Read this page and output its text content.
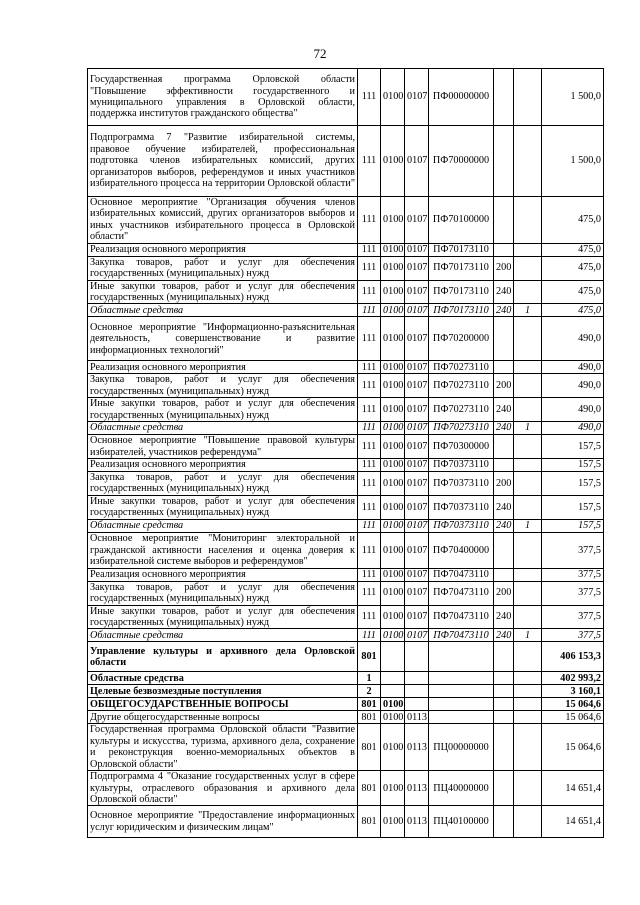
72
Государственная программа Орловской области "Повышение эффективности государственного и муниципального управления в Орловской области, поддержка институтов гражданского общества"	111	0100	0107	ПФ00000000			1 500,0
Подпрограмма 7 "Развитие избирательной системы, правовое обучение избирателей, профессиональная подготовка членов избирательных комиссий, других организаторов выборов, референдумов и иных участников избирательного процесса на территории Орловской области"	111	0100	0107	ПФ70000000			1 500,0
Основное мероприятие "Организация обучения членов избирательных комиссий, других организаторов выборов и иных участников избирательного процесса в Орловской области"	111	0100	0107	ПФ70100000			475,0
Реализация основного мероприятия	111	0100	0107	ПФ70173110			475,0
Закупка товаров, работ и услуг для обеспечения государственных (муниципальных) нужд	111	0100	0107	ПФ70173110	200		475,0
Иные закупки товаров, работ и услуг для обеспечения государственных (муниципальных) нужд	111	0100	0107	ПФ70173110	240		475,0
Областные средства	111	0100	0107	ПФ70173110	240	1	475,0
Основное мероприятие "Информационно-разъяснительная деятельность, совершенствование и развитие информационных технологий"	111	0100	0107	ПФ70200000			490,0
Реализация основного мероприятия	111	0100	0107	ПФ70273110			490,0
Закупка товаров, работ и услуг для обеспечения государственных (муниципальных) нужд	111	0100	0107	ПФ70273110	200		490,0
Иные закупки товаров, работ и услуг для обеспечения государственных (муниципальных) нужд	111	0100	0107	ПФ70273110	240		490,0
Областные средства	111	0100	0107	ПФ70273110	240	1	490,0
Основное мероприятие "Повышение правовой культуры избирателей, участников референдума"	111	0100	0107	ПФ70300000			157,5
Реализация основного мероприятия	111	0100	0107	ПФ70373110			157,5
Закупка товаров, работ и услуг для обеспечения государственных (муниципальных) нужд	111	0100	0107	ПФ70373110	200		157,5
Иные закупки товаров, работ и услуг для обеспечения государственных (муниципальных) нужд	111	0100	0107	ПФ70373110	240		157,5
Областные средства	111	0100	0107	ПФ70373110	240	1	157,5
Основное мероприятие "Мониторинг электоральной и гражданской активности населения и оценка доверия к избирательной системе выборов и референдумов"	111	0100	0107	ПФ70400000			377,5
Реализация основного мероприятия	111	0100	0107	ПФ70473110			377,5
Закупка товаров, работ и услуг для обеспечения государственных (муниципальных) нужд	111	0100	0107	ПФ70473110	200		377,5
Иные закупки товаров, работ и услуг для обеспечения государственных (муниципальных) нужд	111	0100	0107	ПФ70473110	240		377,5
Областные средства	111	0100	0107	ПФ70473110	240	1	377,5
Управление культуры и архивного дела Орловской области	801						406 153,3
Областные средства	1						402 993,2
Целевые безвозмездные поступления	2						3 160,1
ОБЩЕГОСУДАРСТВЕННЫЕ ВОПРОСЫ	801	0100					15 064,6
Другие общегосударственные вопросы	801	0100	0113				15 064,6
Государственная программа Орловской области "Развитие культуры и искусства, туризма, архивного дела, сохранение и реконструкция военно-мемориальных объектов в Орловской области"	801	0100	0113	ПЦ00000000			15 064,6
Подпрограмма 4 "Оказание государственных услуг в сфере культуры, отраслевого образования и архивного дела Орловской области"	801	0100	0113	ПЦ40000000			14 651,4
Основное мероприятие "Предоставление информационных услуг юридическим и физическим лицам"	801	0100	0113	ПЦ40100000			14 651,4
